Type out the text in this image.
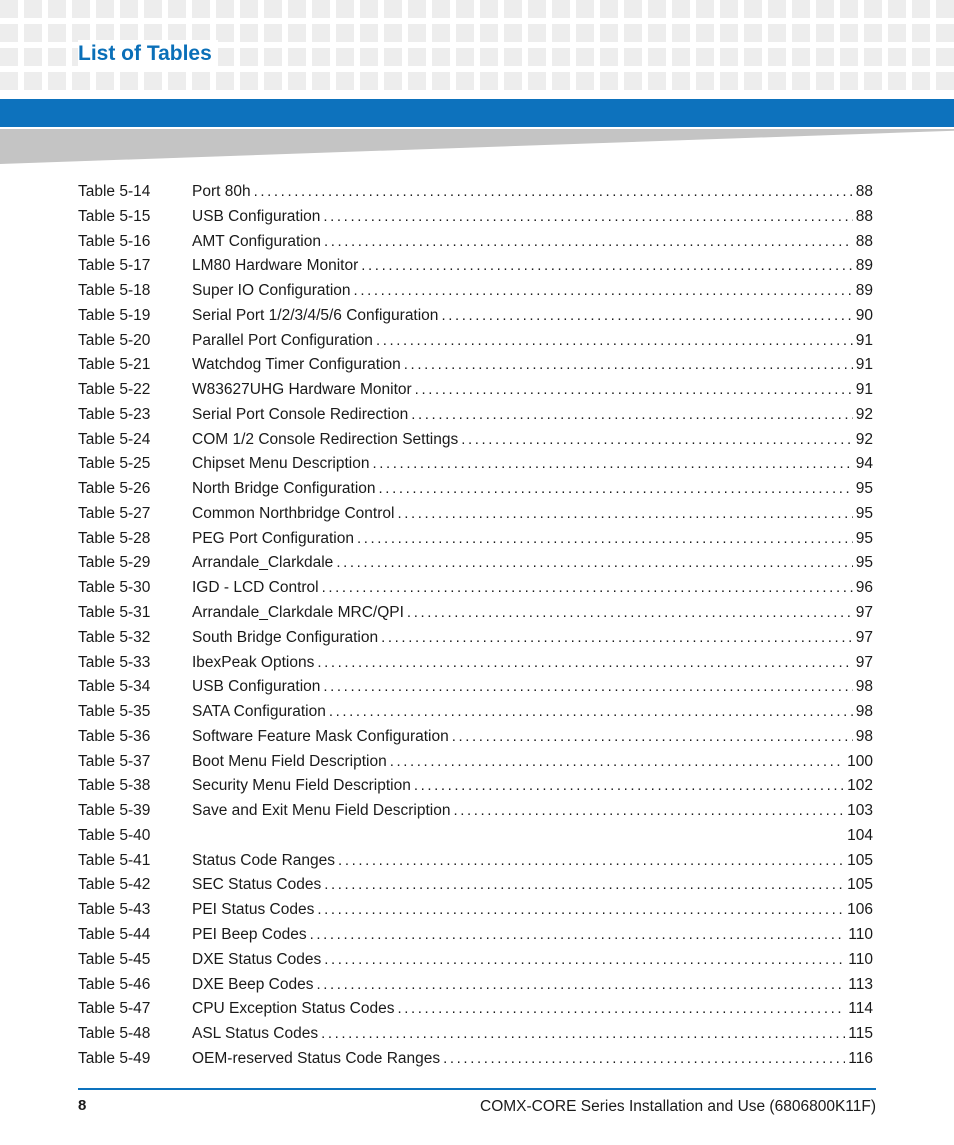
List of Tables
Table 5-14	Port 80h .....	88
Table 5-15	USB Configuration .....	88
Table 5-16	AMT Configuration .....	88
Table 5-17	LM80 Hardware Monitor .....	89
Table 5-18	Super IO Configuration .....	89
Table 5-19	Serial Port 1/2/3/4/5/6 Configuration .....	90
Table 5-20	Parallel Port Configuration .....	91
Table 5-21	Watchdog Timer Configuration .....	91
Table 5-22	W83627UHG Hardware Monitor .....	91
Table 5-23	Serial Port Console Redirection .....	92
Table 5-24	COM 1/2 Console Redirection Settings .....	92
Table 5-25	Chipset Menu Description .....	94
Table 5-26	North Bridge Configuration .....	95
Table 5-27	Common Northbridge Control .....	95
Table 5-28	PEG Port Configuration .....	95
Table 5-29	Arrandale_Clarkdale .....	95
Table 5-30	IGD - LCD Control .....	96
Table 5-31	Arrandale_Clarkdale MRC/QPI .....	97
Table 5-32	South Bridge Configuration .....	97
Table 5-33	IbexPeak Options .....	97
Table 5-34	USB Configuration .....	98
Table 5-35	SATA Configuration .....	98
Table 5-36	Software Feature Mask Configuration .....	98
Table 5-37	Boot Menu Field Description .....	100
Table 5-38	Security Menu Field Description .....	102
Table 5-39	Save and Exit Menu Field Description .....	103
Table 5-40	104
Table 5-41	Status Code Ranges .....	105
Table 5-42	SEC Status Codes .....	105
Table 5-43	PEI Status Codes .....	106
Table 5-44	PEI Beep Codes .....	110
Table 5-45	DXE Status Codes .....	110
Table 5-46	DXE Beep Codes .....	113
Table 5-47	CPU Exception Status Codes .....	114
Table 5-48	ASL Status Codes .....	115
Table 5-49	OEM-reserved Status Code Ranges .....	116
8	COMX-CORE Series Installation and Use (6806800K11F)
